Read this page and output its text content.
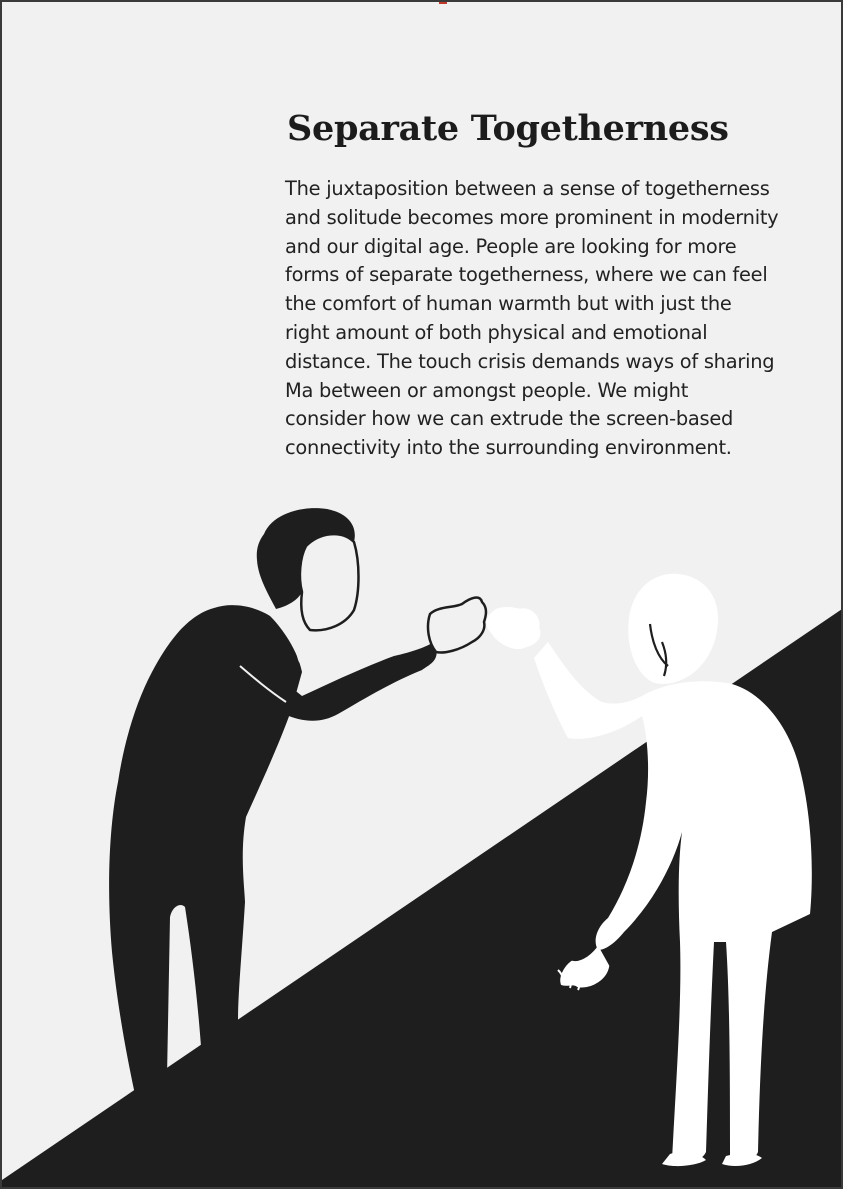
Separate Togetherness

The juxtaposition between a sense of togetherness
and solitude becomes more prominent in modernity
and our digital age. People are looking for more
forms of separate togetherness, where we can feel
the comfort of human warmth but with just the
right amount of both physical and emotional
distance. The touch crisis demands ways of sharing
Ma between or amongst people. We might
consider how we can extrude the screen-based
connectivity into the surrounding environment.
